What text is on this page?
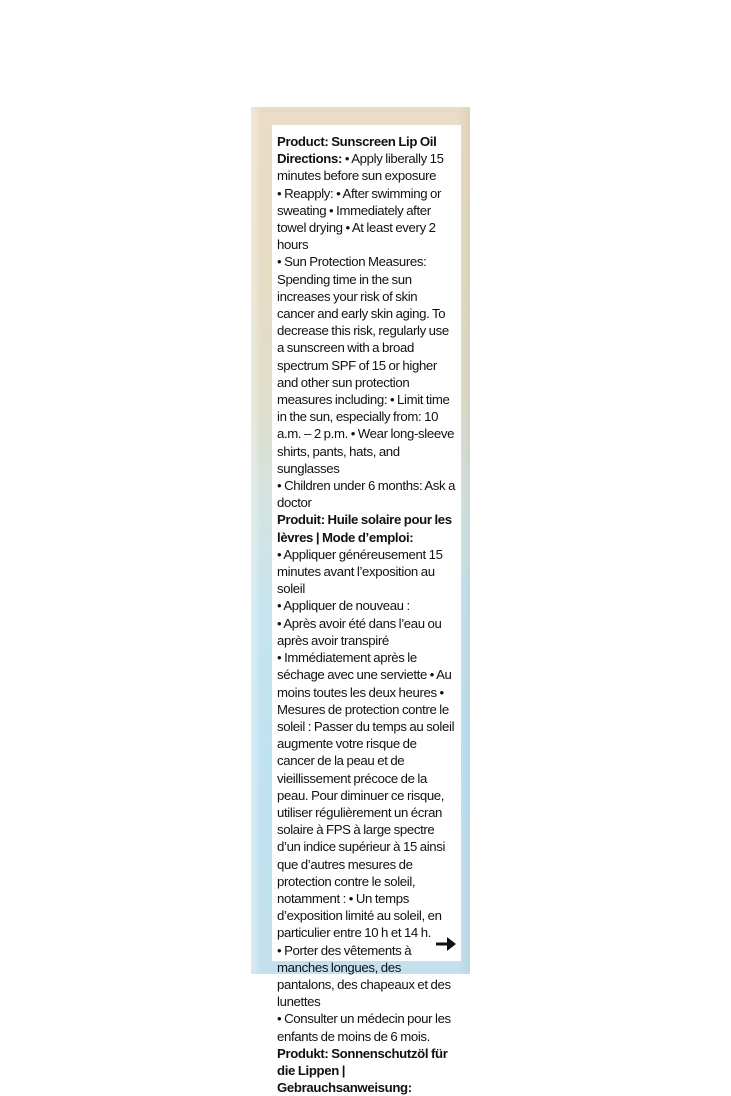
Product: Sunscreen Lip Oil

Directions: • Apply liberally 15 minutes before sun exposure

• Reapply: • After swimming or sweating • Immediately after towel drying • At least every 2 hours

• Sun Protection Measures: Spending time in the sun increases your risk of skin cancer and early skin aging. To decrease this risk, regularly use a sunscreen with a broad spectrum SPF of 15 or higher and other sun protection measures including: • Limit time in the sun, especially from: 10 a.m. – 2 p.m. • Wear long-sleeve shirts, pants, hats, and sunglasses

• Children under 6 months: Ask a doctor

Produit: Huile solaire pour les lèvres | Mode d’emploi:

• Appliquer généreusement 15 minutes avant l’exposition au soleil

• Appliquer de nouveau :

• Après avoir été dans l’eau ou après avoir transpiré

• Immédiatement après le séchage avec une serviette • Au moins toutes les deux heures • Mesures de protection contre le soleil : Passer du temps au soleil augmente votre risque de cancer de la peau et de vieillissement précoce de la peau. Pour diminuer ce risque, utiliser régulièrement un écran solaire à FPS à large spectre d’un indice supérieur à 15 ainsi que d’autres mesures de protection contre le soleil, notamment : • Un temps d’exposition limité au soleil, en particulier entre 10 h et 14 h.

• Porter des vêtements à manches longues, des pantalons, des chapeaux et des lunettes

• Consulter un médecin pour les enfants de moins de 6 mois.

Produkt: Sonnenschutzöl für die Lippen | Gebrauchsanweisung:
